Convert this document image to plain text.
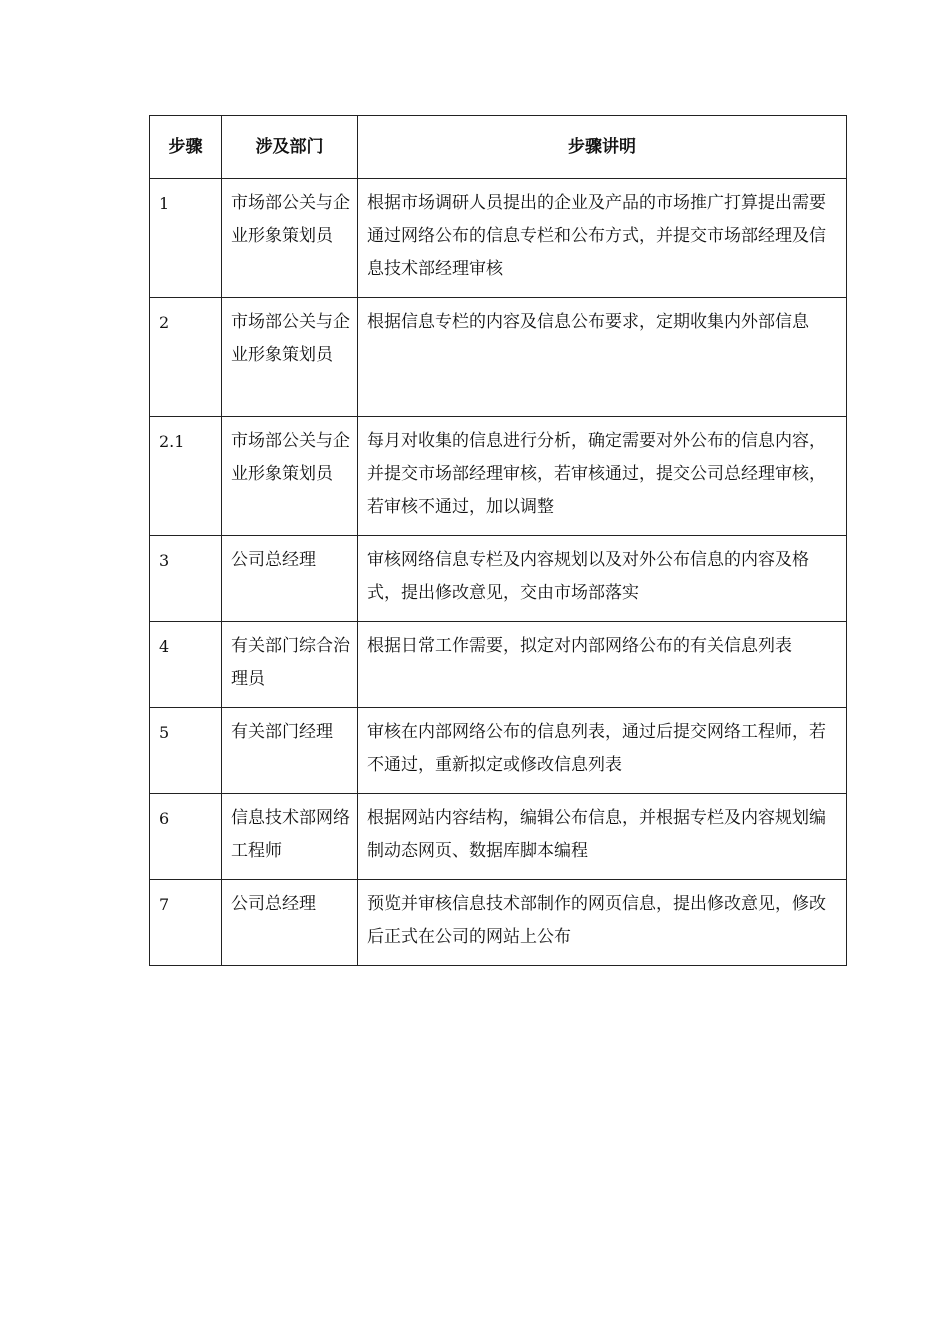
步骤	涉及部门	步骤讲明
1	市场部公关与企业形象策划员	根据市场调研人员提出的企业及产品的市场推广打算提出需要通过网络公布的信息专栏和公布方式，并提交市场部经理及信息技术部经理审核
2	市场部公关与企业形象策划员	根据信息专栏的内容及信息公布要求，定期收集内外部信息
2.1	市场部公关与企业形象策划员	每月对收集的信息进行分析，确定需要对外公布的信息内容，并提交市场部经理审核，若审核通过，提交公司总经理审核，若审核不通过，加以调整
3	公司总经理	审核网络信息专栏及内容规划以及对外公布信息的内容及格式，提出修改意见，交由市场部落实
4	有关部门综合治理员	根据日常工作需要，拟定对内部网络公布的有关信息列表
5	有关部门经理	审核在内部网络公布的信息列表，通过后提交网络工程师，若不通过，重新拟定或修改信息列表
6	信息技术部网络工程师	根据网站内容结构，编辑公布信息，并根据专栏及内容规划编制动态网页、数据库脚本编程
7	公司总经理	预览并审核信息技术部制作的网页信息，提出修改意见，修改后正式在公司的网站上公布
